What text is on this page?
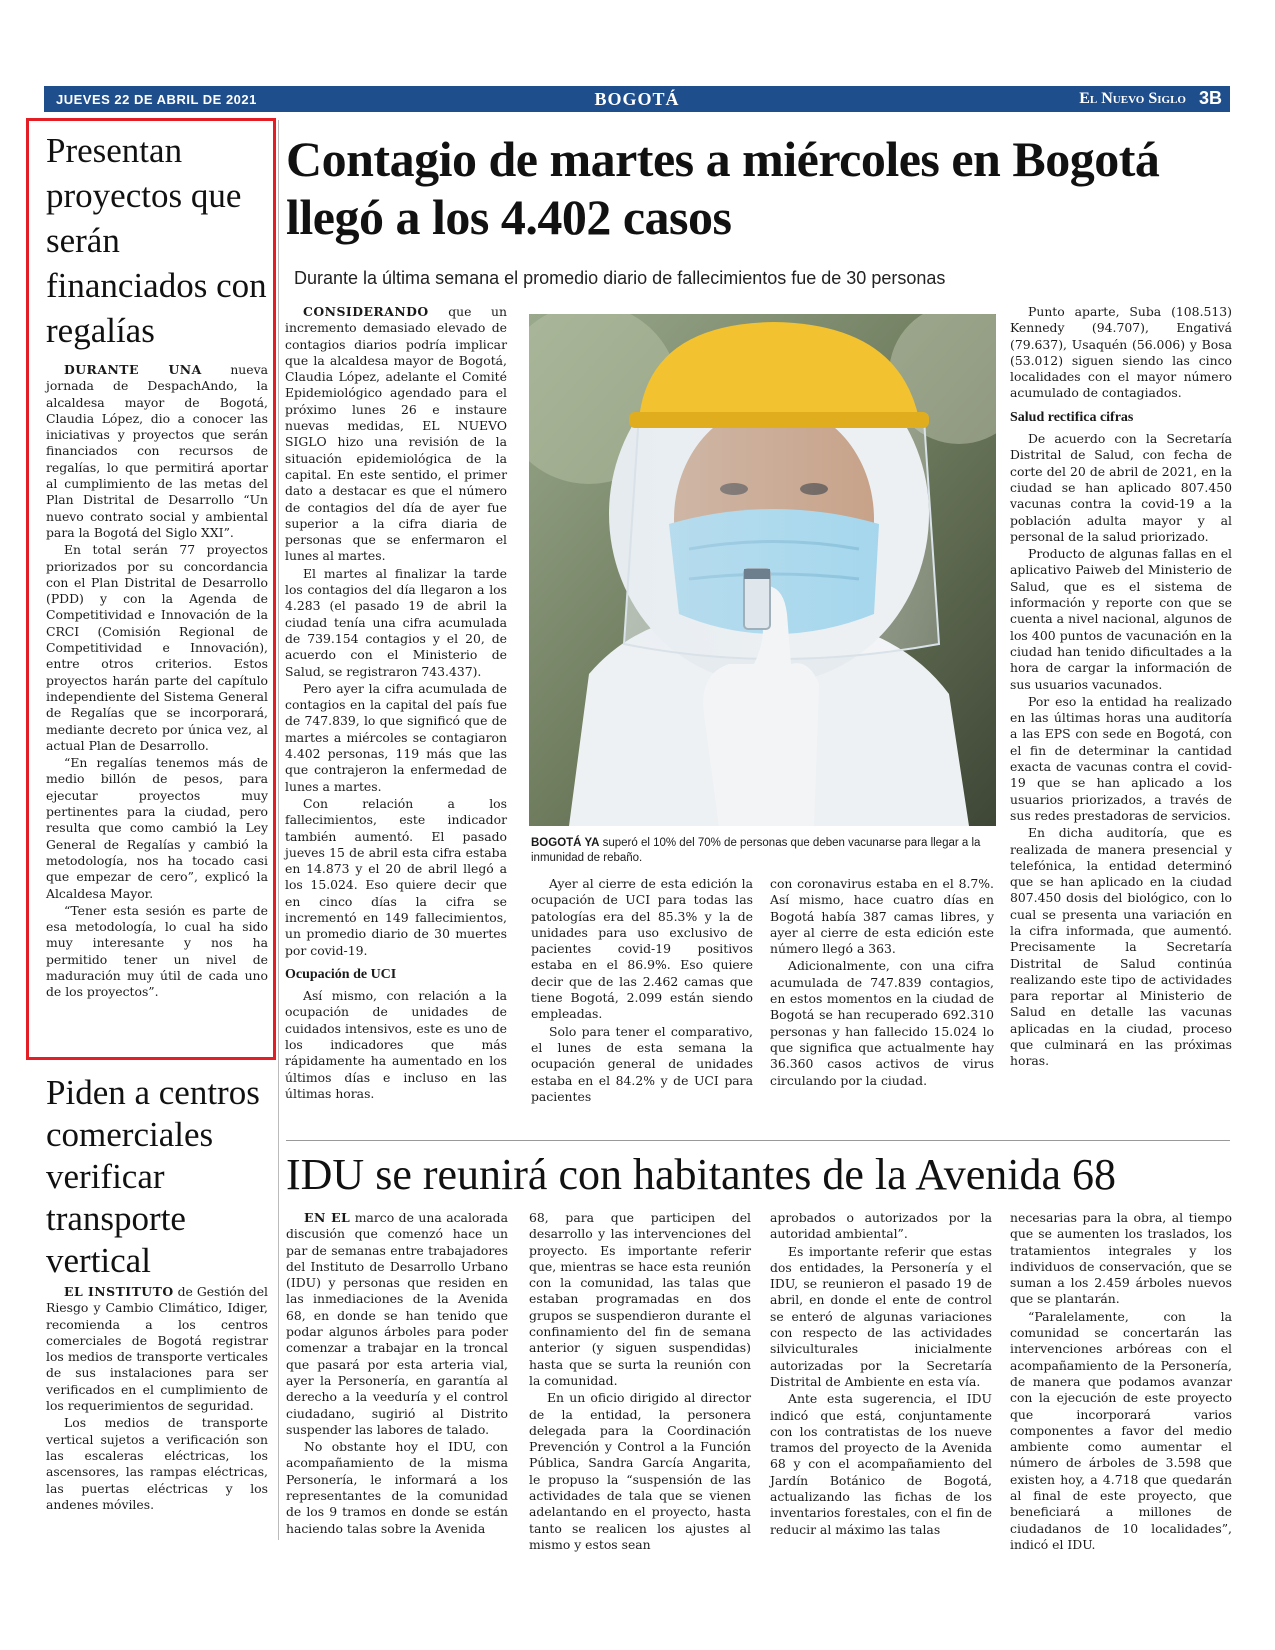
JUEVES 22 DE ABRIL DE 2021	BOGOTÁ	El Nuevo Siglo 3B
Presentan proyectos que serán financiados con regalías

DURANTE UNA nueva jornada de DespachAndo, la alcaldesa mayor de Bogotá, Claudia López, dio a conocer las iniciativas y proyectos que serán financiados con recursos de regalías, lo que permitirá aportar al cumplimiento de las metas del Plan Distrital de Desarrollo “Un nuevo contrato social y ambiental para la Bogotá del Siglo XXI”.

En total serán 77 proyectos priorizados por su concordancia con el Plan Distrital de Desarrollo (PDD) y con la Agenda de Competitividad e Innovación de la CRCI (Comisión Regional de Competitividad e Innovación), entre otros criterios. Estos proyectos harán parte del capítulo independiente del Sistema General de Regalías que se incorporará, mediante decreto por única vez, al actual Plan de Desarrollo.

“En regalías tenemos más de medio billón de pesos, para ejecutar proyectos muy pertinentes para la ciudad, pero resulta que como cambió la Ley General de Regalías y cambió la metodología, nos ha tocado casi que empezar de cero”, explicó la Alcaldesa Mayor.

“Tener esta sesión es parte de esa metodología, lo cual ha sido muy interesante y nos ha permitido tener un nivel de maduración muy útil de cada uno de los proyectos”.

Piden a centros comerciales verificar transporte vertical

EL INSTITUTO de Gestión del Riesgo y Cambio Climático, Idiger, recomienda a los centros comerciales de Bogotá registrar los medios de transporte verticales de sus instalaciones para ser verificados en el cumplimiento de los requerimientos de seguridad.

Los medios de transporte vertical sujetos a verificación son las escaleras eléctricas, los ascensores, las rampas eléctricas, las puertas eléctricas y los andenes móviles.

Contagio de martes a miércoles en Bogotá llegó a los 4.402 casos
Durante la última semana el promedio diario de fallecimientos fue de 30 personas

CONSIDERANDO que un incremento demasiado elevado de contagios diarios podría implicar que la alcaldesa mayor de Bogotá, Claudia López, adelante el Comité Epidemiológico agendado para el próximo lunes 26 e instaure nuevas medidas, EL NUEVO SIGLO hizo una revisión de la situación epidemiológica de la capital. En este sentido, el primer dato a destacar es que el número de contagios del día de ayer fue superior a la cifra diaria de personas que se enfermaron el lunes al martes.

El martes al finalizar la tarde los contagios del día llegaron a los 4.283 (el pasado 19 de abril la ciudad tenía una cifra acumulada de 739.154 contagios y el 20, de acuerdo con el Ministerio de Salud, se registraron 743.437).

Pero ayer la cifra acumulada de contagios en la capital del país fue de 747.839, lo que significó que de martes a miércoles se contagiaron 4.402 personas, 119 más que las que contrajeron la enfermedad de lunes a martes.

Con relación a los fallecimientos, este indicador también aumentó. El pasado jueves 15 de abril esta cifra estaba en 14.873 y el 20 de abril llegó a los 15.024. Eso quiere decir que en cinco días la cifra se incrementó en 149 fallecimientos, un promedio diario de 30 muertes por covid-19.

Ocupación de UCI

Así mismo, con relación a la ocupación de unidades de cuidados intensivos, este es uno de los indicadores que más rápidamente ha aumentado en los últimos días e incluso en las últimas horas.

BOGOTÁ YA superó el 10% del 70% de personas que deben vacunarse para llegar a la inmunidad de rebaño.

Ayer al cierre de esta edición la ocupación de UCI para todas las patologías era del 85.3% y la de unidades para uso exclusivo de pacientes covid-19 positivos estaba en el 86.9%. Eso quiere decir que de las 2.462 camas que tiene Bogotá, 2.099 están siendo empleadas.

Solo para tener el comparativo, el lunes de esta semana la ocupación general de unidades estaba en el 84.2% y de UCI para pacientes

con coronavirus estaba en el 8.7%. Así mismo, hace cuatro días en Bogotá había 387 camas libres, y ayer al cierre de esta edición este número llegó a 363.

Adicionalmente, con una cifra acumulada de 747.839 contagios, en estos momentos en la ciudad de Bogotá se han recuperado 692.310 personas y han fallecido 15.024 lo que significa que actualmente hay 36.360 casos activos de virus circulando por la ciudad.

Punto aparte, Suba (108.513) Kennedy (94.707), Engativá (79.637), Usaquén (56.006) y Bosa (53.012) siguen siendo las cinco localidades con el mayor número acumulado de contagiados.

Salud rectifica cifras

De acuerdo con la Secretaría Distrital de Salud, con fecha de corte del 20 de abril de 2021, en la ciudad se han aplicado 807.450 vacunas contra la covid-19 a la población adulta mayor y al personal de la salud priorizado.

Producto de algunas fallas en el aplicativo Paiweb del Ministerio de Salud, que es el sistema de información y reporte con que se cuenta a nivel nacional, algunos de los 400 puntos de vacunación en la ciudad han tenido dificultades a la hora de cargar la información de sus usuarios vacunados.

Por eso la entidad ha realizado en las últimas horas una auditoría a las EPS con sede en Bogotá, con el fin de determinar la cantidad exacta de vacunas contra el covid-19 que se han aplicado a los usuarios priorizados, a través de sus redes prestadoras de servicios.

En dicha auditoría, que es realizada de manera presencial y telefónica, la entidad determinó que se han aplicado en la ciudad 807.450 dosis del biológico, con lo cual se presenta una variación en la cifra informada, que aumentó. Precisamente la Secretaría Distrital de Salud continúa realizando este tipo de actividades para reportar al Ministerio de Salud en detalle las vacunas aplicadas en la ciudad, proceso que culminará en las próximas horas.

IDU se reunirá con habitantes de la Avenida 68

EN EL marco de una acalorada discusión que comenzó hace un par de semanas entre trabajadores del Instituto de Desarrollo Urbano (IDU) y personas que residen en las inmediaciones de la Avenida 68, en donde se han tenido que podar algunos árboles para poder comenzar a trabajar en la troncal que pasará por esta arteria vial, ayer la Personería, en garantía al derecho a la veeduría y el control ciudadano, sugirió al Distrito suspender las labores de talado.

No obstante hoy el IDU, con acompañamiento de la misma Personería, le informará a los representantes de la comunidad de los 9 tramos en donde se están haciendo talas sobre la Avenida

68, para que participen del desarrollo y las intervenciones del proyecto. Es importante referir que, mientras se hace esta reunión con la comunidad, las talas que estaban programadas en dos grupos se suspendieron durante el confinamiento del fin de semana anterior (y siguen suspendidas) hasta que se surta la reunión con la comunidad.

En un oficio dirigido al director de la entidad, la personera delegada para la Coordinación Prevención y Control a la Función Pública, Sandra García Angarita, le propuso la “suspensión de las actividades de tala que se vienen adelantando en el proyecto, hasta tanto se realicen los ajustes al mismo y estos sean

aprobados o autorizados por la autoridad ambiental”.

Es importante referir que estas dos entidades, la Personería y el IDU, se reunieron el pasado 19 de abril, en donde el ente de control se enteró de algunas variaciones con respecto de las actividades silviculturales inicialmente autorizadas por la Secretaría Distrital de Ambiente en esta vía.

Ante esta sugerencia, el IDU indicó que está, conjuntamente con los contratistas de los nueve tramos del proyecto de la Avenida 68 y con el acompañamiento del Jardín Botánico de Bogotá, actualizando las fichas de los inventarios forestales, con el fin de reducir al máximo las talas

necesarias para la obra, al tiempo que se aumenten los traslados, los tratamientos integrales y los individuos de conservación, que se suman a los 2.459 árboles nuevos que se plantarán.

“Paralelamente, con la comunidad se concertarán las intervenciones arbóreas con el acompañamiento de la Personería, de manera que podamos avanzar con la ejecución de este proyecto que incorporará varios componentes a favor del medio ambiente como aumentar el número de árboles de 3.598 que existen hoy, a 4.718 que quedarán al final de este proyecto, que beneficiará a millones de ciudadanos de 10 localidades”, indicó el IDU.
